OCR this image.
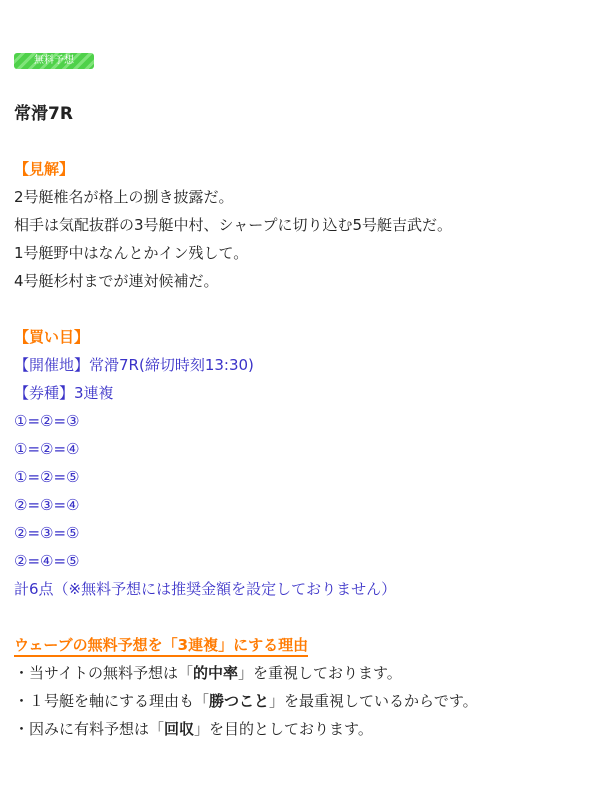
無料予想
常滑7R
【見解】
2号艇椎名が格上の捌き披露だ。
相手は気配抜群の3号艇中村、シャープに切り込む5号艇吉武だ。
1号艇野中はなんとかイン残して。
4号艇杉村までが連対候補だ。
【買い目】
【開催地】常滑7R(締切時刻13:30)
【券種】3連複
①=②=③
①=②=④
①=②=⑤
②=③=④
②=③=⑤
②=④=⑤
計6点（※無料予想には推奨金額を設定しておりません）
ウェーブの無料予想を「3連複」にする理由
・当サイトの無料予想は「的中率」を重視しております。
・１号艇を軸にする理由も「勝つこと」を最重視しているからです。
・因みに有料予想は「回収」を目的としております。
